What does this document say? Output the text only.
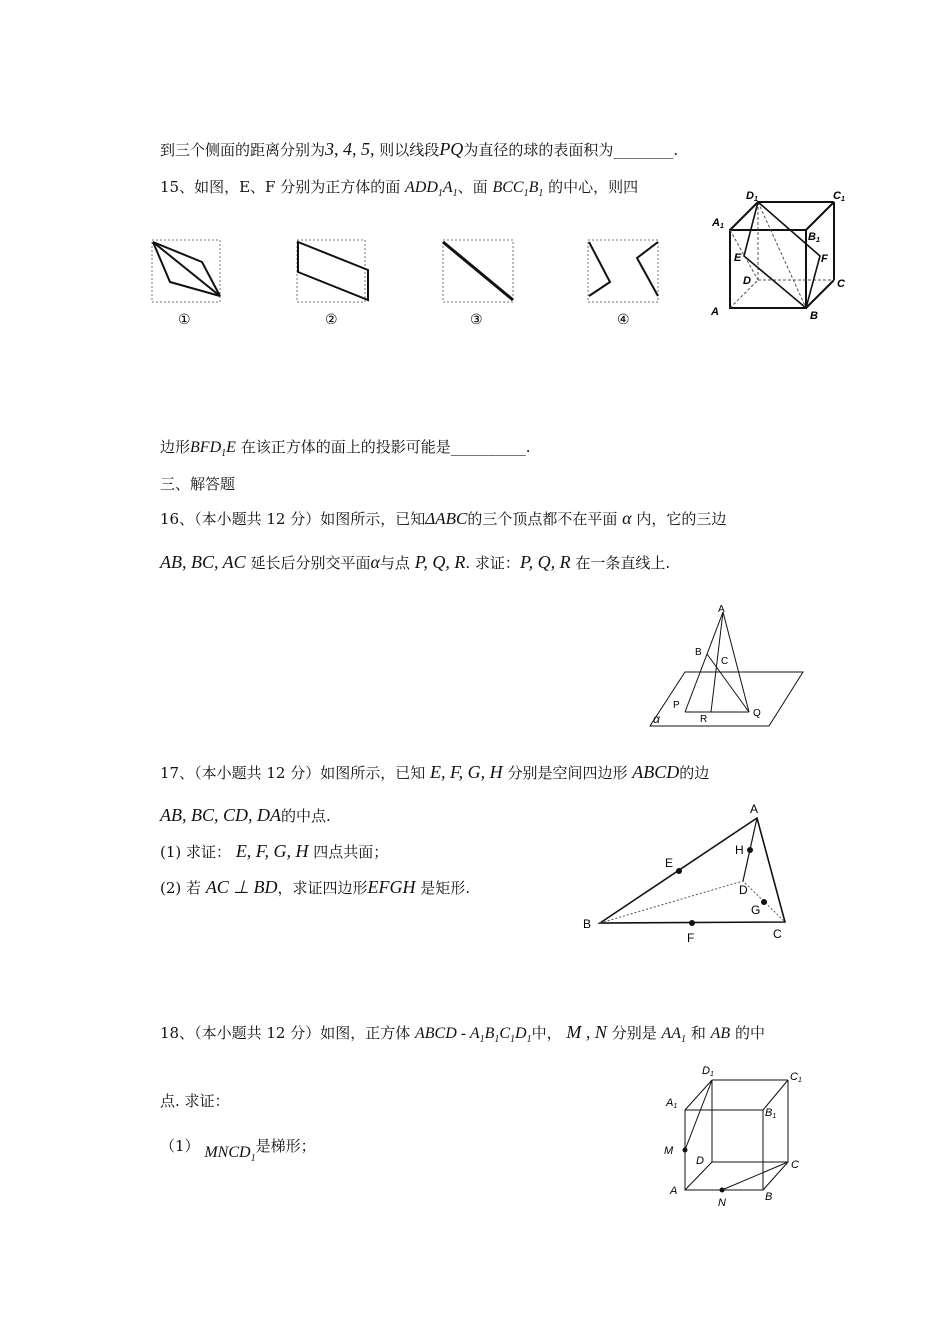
到三个侧面的距离分别为3, 4, 5, 则以线段PQ为直径的球的表面积为________.
15、如图，E、F 分别为正方体的面 $ADD_1A_1$、面 $BCC_1B_1$ 的中心，则四
①	②	③	④
D1	C1
A1
B1
E	F
D	C
A	B
边形$BFD_1E$ 在该正方体的面上的投影可能是__________.
三、解答题
16、（本小题共 12 分）如图所示，已知ΔABC的三个顶点都不在平面 α 内，它的三边
AB, BC, AC 延长后分别交平面α与点 P, Q, R. 求证：P, Q, R 在一条直线上.
A
B
C
P
R
Q
α
17、（本小题共 12 分）如图所示，已知 E, F, G, H 分别是空间四边形 ABCD的边
AB, BC, CD, DA的中点.
(1) 求证： E, F, G, H 四点共面；
(2) 若 AC ⊥ BD，求证四边形EFGH 是矩形.
A
B
C
D
E
F
G
H
18、（本小题共 12 分）如图，正方体 ABCD - $A_1B_1C_1D_1$中， M , N 分别是 $AA_1$ 和 AB 的中
点. 求证：
（1） $MNCD_1$是梯形；
D1	C1
A1
B1
M
D	C
A
N	B
